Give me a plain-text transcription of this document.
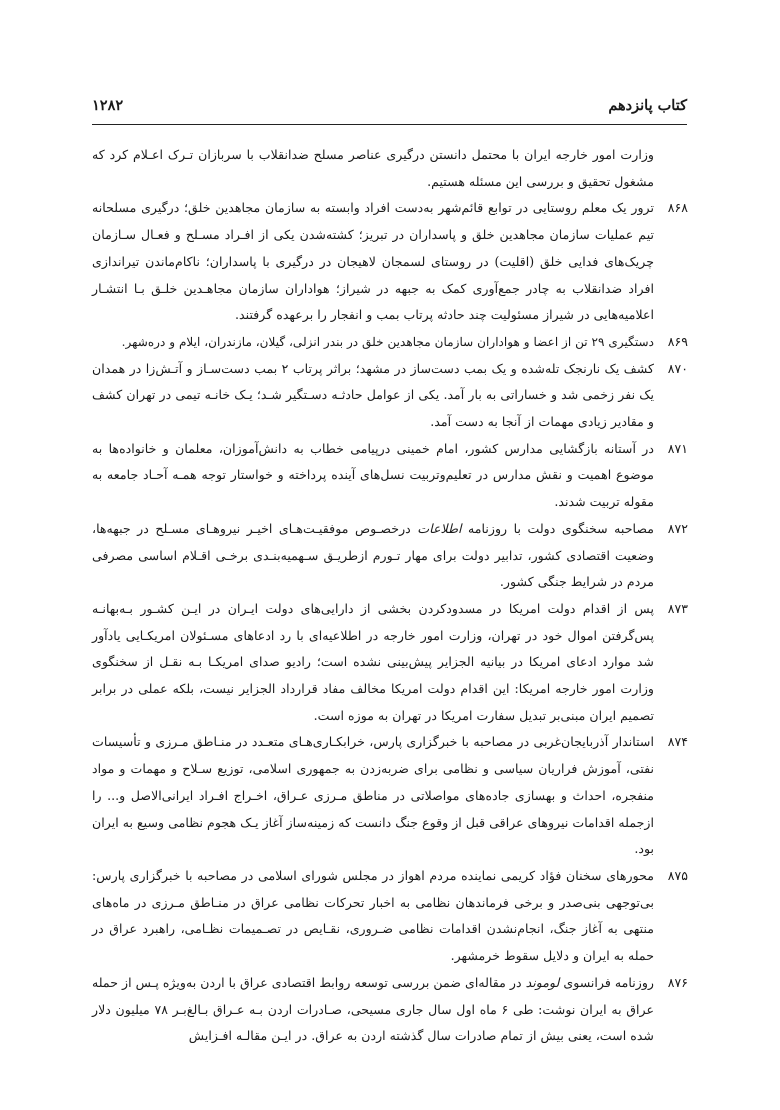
کتاب پانزدهم
۱۲۸۲
وزارت امور خارجه ایران با محتمل دانستن درگیری عناصر مسلح ضدانقلاب با سربازان تـرک اعـلام کرد که مشغول تحقیق و بررسی این مسئله هستیم.
۸۶۸
ترور یک معلم روستایی در توابع قائم‌شهر به‌دست افراد وابسته به سازمان مجاهدین خلق؛ درگیری مسلحانه تیم عملیات سازمان مجاهدین خلق و پاسداران در تبریز؛ کشته‌شدن یکی از افـراد مسـلح و فعـال سـازمان چریک‌های فدایی خلق (اقلیت) در روستای لسمجان لاهیجان در درگیری با پاسداران؛ ناکام‌ماندن تیراندازی افراد ضدانقلاب به چادر جمع‌آوری کمک به جبهه در شیراز؛ هواداران سازمان مجاهـدین خلـق بـا انتشـار اعلامیه‌هایی در شیراز مسئولیت چند حادثه پرتاب بمب و انفجار را برعهده گرفتند.
۸۶۹
دستگیری ۲۹ تن از اعضا و هواداران سازمان مجاهدین خلق در بندر انزلی، گیلان، مازندران، ایلام و درەشهر.
۸۷۰
کشف یک نارنجک تله‌شده و یک بمب دست‌ساز در مشهد؛ براثر پرتاب ۲ بمب دست‌سـاز و آتـش‌زا در همدان یک نفر زخمی شد و خساراتی به بار آمد. یکی از عوامل حادثـه دسـتگیر شـد؛ یـک خانـه تیمی در تهران کشف و مقادیر زیادی مهمات از آنجا به دست آمد.
۸۷۱
در آستانه بازگشایی مدارس کشور، امام خمینی درپیامی خطاب به دانش‌آموزان، معلمان و خانواده‌ها به موضوع اهمیت و نقش مدارس در تعلیم‌وتربیت نسل‌های آینده پرداخته و خواستار توجه همـه آحـاد جامعه به مقوله تربیت شدند.
۸۷۲
مصاحبه سخنگوی دولت با روزنامه اطلاعات درخصـوص موفقیـت‌هـای اخیـر نیروهـای مسـلح در جبهه‌ها، وضعیت اقتصادی کشور، تدابیر دولت برای مهار تـورم ازطریـق سـهمیه‌بنـدی برخـی اقـلام اساسی مصرفی مردم در شرایط جنگی کشور.
۸۷۳
پس از اقدام دولت امریکا در مسدودکردن بخشی از دارایی‌های دولت ایـران در ایـن کشـور بـه‌بهانـه پس‌گرفتن اموال خود در تهران، وزارت امور خارجه در اطلاعیه‌ای با رد ادعاهای مسـئولان امریکـایی یادآور شد موارد ادعای امریکا در بیانیه الجزایر پیش‌بینی نشده است؛ رادیو صدای امریکـا بـه نقـل از سخنگوی وزارت امور خارجه امریکا: این اقدام دولت امریکا مخالف مفاد قرارداد الجزایر نیست، بلکه عملی در برابر تصمیم ایران مبنی‌بر تبدیل سفارت امریکا در تهران به موزه است.
۸۷۴
استاندار آذربایجان‌غربی در مصاحبه با خبرگزاری پارس، خرابکـاری‌هـای متعـدد در منـاطق مـرزی و تأسیسات نفتی، آموزش فراریان سیاسی و نظامی برای ضربه‌زدن به جمهوری اسلامی، توزیع سـلاح و مهمات و مواد منفجره، احداث و بهسازی جاده‌های مواصلاتی در مناطق مـرزی عـراق، اخـراج افـراد ایرانی‌الاصل و... را ازجمله اقدامات نیروهای عراقی قبل از وقوع جنگ دانست که زمینه‌ساز آغاز یـک هجوم نظامی وسیع به ایران بود.
۸۷۵
محورهای سخنان فؤاد کریمی نماینده مردم اهواز در مجلس شورای اسلامی در مصاحبه با خبرگزاری پارس: بی‌توجهی بنی‌صدر و برخی فرماندهان نظامی به اخبار تحرکات نظامی عراق در منـاطق مـرزی در ماه‌های منتهی به آغاز جنگ، انجام‌نشدن اقدامات نظامی ضـروری، نقـایص در تصـمیمات نظـامی، راهبرد عراق در حمله به ایران و دلایل سقوط خرمشهر.
۸۷۶
روزنامه فرانسوی لوموند در مقاله‌ای ضمن بررسی توسعه روابط اقتصادی عراق با اردن به‌ویژه پـس از حمله عراق به ایران نوشت: طی ۶ ماه اول سال جاری مسیحی، صـادرات اردن بـه عـراق بـالغ‌بـر ۷۸ میلیون دلار شده است، یعنی بیش از تمام صادرات سال گذشته اردن به عراق. در ایـن مقالـه افـزایش
